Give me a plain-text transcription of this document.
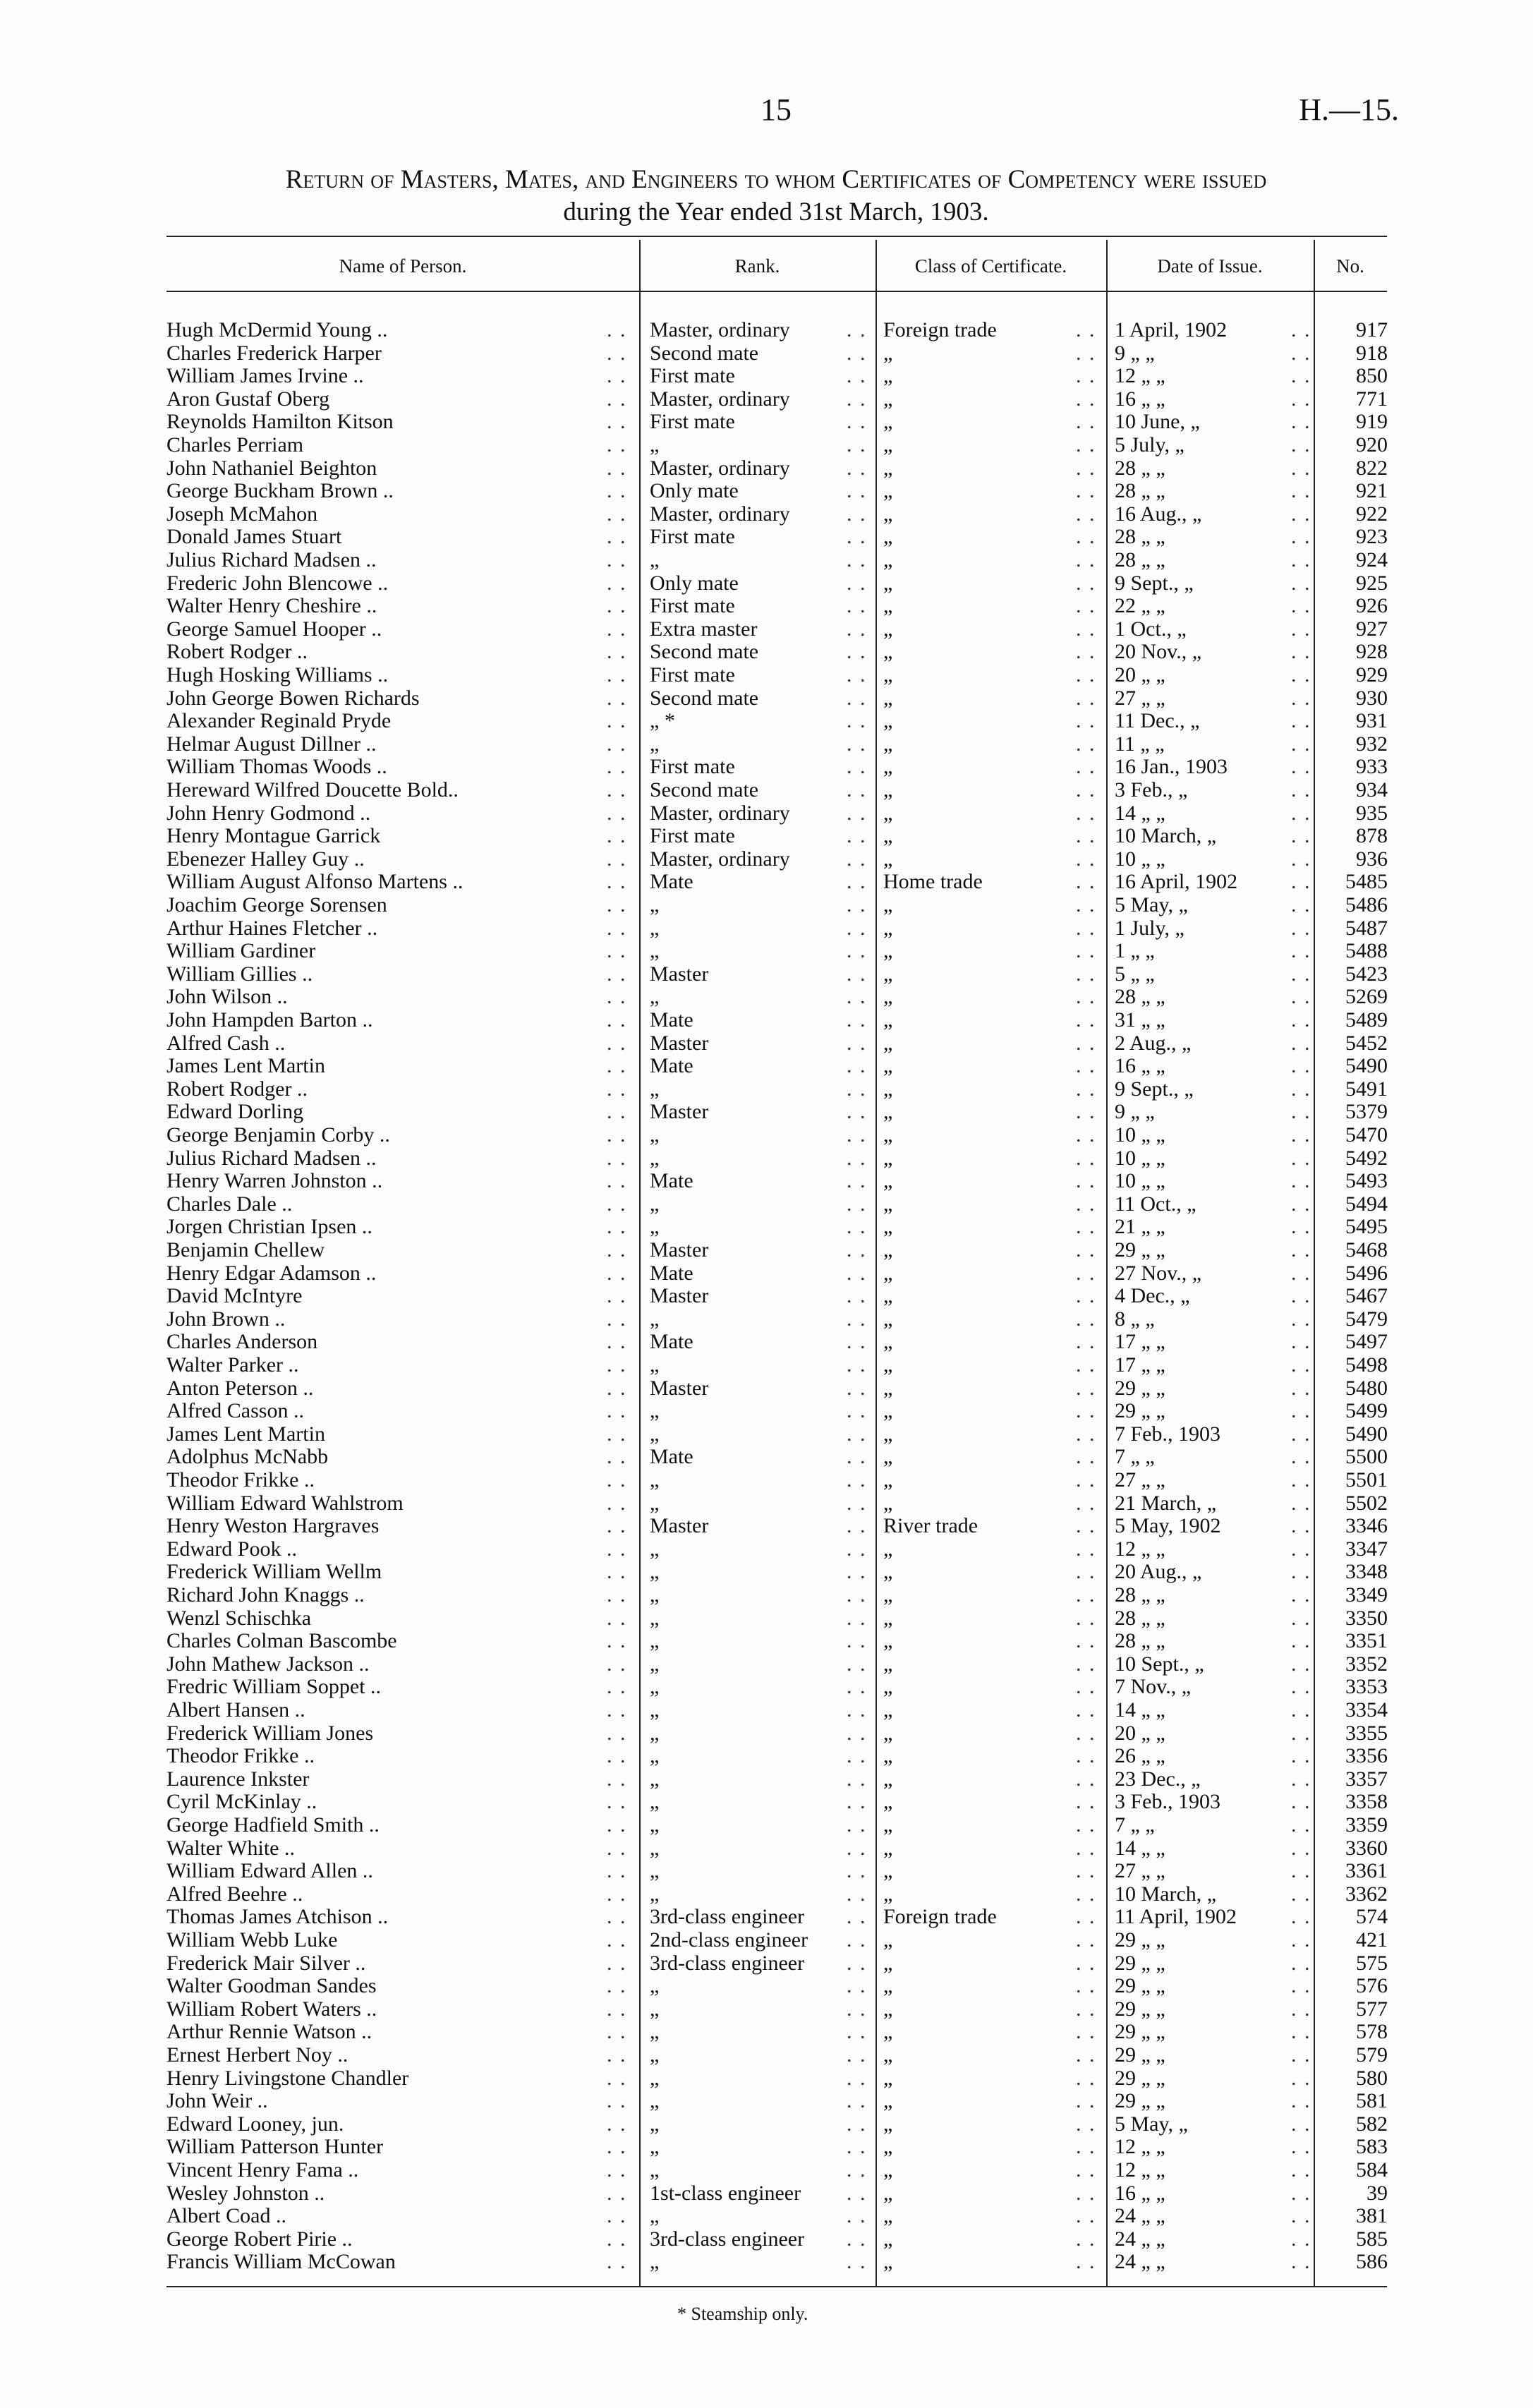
15	H.—15.
Return of Masters, Mates, and Engineers to whom Certificates of Competency were issued
during the Year ended 31st March, 1903.
Name of Person.	Rank.	Class of Certificate.	Date of Issue.	No.
Hugh McDermid Young ..	Master, ordinary	Foreign trade	1 April, 1902	917
. .	. .	. .	. .
Charles Frederick Harper	Second mate	„	9 „ „	918
. .	. .	. .	. .
William James Irvine ..	First mate	„	12 „ „	850
. .	. .	. .	. .
Aron Gustaf Oberg	Master, ordinary	„	16 „ „	771
. .	. .	. .	. .
Reynolds Hamilton Kitson	First mate	„	10 June, „	919
. .	. .	. .	. .
Charles Perriam	„	„	5 July, „	920
. .	. .	. .	. .
John Nathaniel Beighton	Master, ordinary	„	28 „ „	822
. .	. .	. .	. .
George Buckham Brown ..	Only mate	„	28 „ „	921
. .	. .	. .	. .
Joseph McMahon	Master, ordinary	„	16 Aug., „	922
. .	. .	. .	. .
Donald James Stuart	First mate	„	28 „ „	923
. .	. .	. .	. .
Julius Richard Madsen ..	„	„	28 „ „	924
. .	. .	. .	. .
Frederic John Blencowe ..	Only mate	„	9 Sept., „	925
. .	. .	. .	. .
Walter Henry Cheshire ..	First mate	„	22 „ „	926
. .	. .	. .	. .
George Samuel Hooper ..	Extra master	„	1 Oct., „	927
. .	. .	. .	. .
Robert Rodger ..	Second mate	„	20 Nov., „	928
. .	. .	. .	. .
Hugh Hosking Williams ..	First mate	„	20 „ „	929
. .	. .	. .	. .
John George Bowen Richards	Second mate	„	27 „ „	930
. .	. .	. .	. .
Alexander Reginald Pryde	„ *	„	11 Dec., „	931
. .	. .	. .	. .
Helmar August Dillner ..	„	„	11 „ „	932
. .	. .	. .	. .
William Thomas Woods ..	First mate	„	16 Jan., 1903	933
. .	. .	. .	. .
Hereward Wilfred Doucette Bold..	Second mate	„	3 Feb., „	934
. .	. .	. .	. .
John Henry Godmond ..	Master, ordinary	„	14 „ „	935
. .	. .	. .	. .
Henry Montague Garrick	First mate	„	10 March, „	878
. .	. .	. .	. .
Ebenezer Halley Guy ..	Master, ordinary	„	10 „ „	936
. .	. .	. .	. .
William August Alfonso Martens ..	Mate	Home trade	16 April, 1902	5485
. .	. .	. .	. .
Joachim George Sorensen	„	„	5 May, „	5486
. .	. .	. .	. .
Arthur Haines Fletcher ..	„	„	1 July, „	5487
. .	. .	. .	. .
William Gardiner	„	„	1 „ „	5488
. .	. .	. .	. .
William Gillies ..	Master	„	5 „ „	5423
. .	. .	. .	. .
John Wilson ..	„	„	28 „ „	5269
. .	. .	. .	. .
John Hampden Barton ..	Mate	„	31 „ „	5489
. .	. .	. .	. .
Alfred Cash ..	Master	„	2 Aug., „	5452
. .	. .	. .	. .
James Lent Martin	Mate	„	16 „ „	5490
. .	. .	. .	. .
Robert Rodger ..	„	„	9 Sept., „	5491
. .	. .	. .	. .
Edward Dorling	Master	„	9 „ „	5379
. .	. .	. .	. .
George Benjamin Corby ..	„	„	10 „ „	5470
. .	. .	. .	. .
Julius Richard Madsen ..	„	„	10 „ „	5492
. .	. .	. .	. .
Henry Warren Johnston ..	Mate	„	10 „ „	5493
. .	. .	. .	. .
Charles Dale ..	„	„	11 Oct., „	5494
. .	. .	. .	. .
Jorgen Christian Ipsen ..	„	„	21 „ „	5495
. .	. .	. .	. .
Benjamin Chellew	Master	„	29 „ „	5468
. .	. .	. .	. .
Henry Edgar Adamson ..	Mate	„	27 Nov., „	5496
. .	. .	. .	. .
David McIntyre	Master	„	4 Dec., „	5467
. .	. .	. .	. .
John Brown ..	„	„	8 „ „	5479
. .	. .	. .	. .
Charles Anderson	Mate	„	17 „ „	5497
. .	. .	. .	. .
Walter Parker ..	„	„	17 „ „	5498
. .	. .	. .	. .
Anton Peterson ..	Master	„	29 „ „	5480
. .	. .	. .	. .
Alfred Casson ..	„	„	29 „ „	5499
. .	. .	. .	. .
James Lent Martin	„	„	7 Feb., 1903	5490
. .	. .	. .	. .
Adolphus McNabb	Mate	„	7 „ „	5500
. .	. .	. .	. .
Theodor Frikke ..	„	„	27 „ „	5501
. .	. .	. .	. .
William Edward Wahlstrom	„	„	21 March, „	5502
. .	. .	. .	. .
Henry Weston Hargraves	Master	River trade	5 May, 1902	3346
. .	. .	. .	. .
Edward Pook ..	„	„	12 „ „	3347
. .	. .	. .	. .
Frederick William Wellm	„	„	20 Aug., „	3348
. .	. .	. .	. .
Richard John Knaggs ..	„	„	28 „ „	3349
. .	. .	. .	. .
Wenzl Schischka	„	„	28 „ „	3350
. .	. .	. .	. .
Charles Colman Bascombe	„	„	28 „ „	3351
. .	. .	. .	. .
John Mathew Jackson ..	„	„	10 Sept., „	3352
. .	. .	. .	. .
Fredric William Soppet ..	„	„	7 Nov., „	3353
. .	. .	. .	. .
Albert Hansen ..	„	„	14 „ „	3354
. .	. .	. .	. .
Frederick William Jones	„	„	20 „ „	3355
. .	. .	. .	. .
Theodor Frikke ..	„	„	26 „ „	3356
. .	. .	. .	. .
Laurence Inkster	„	„	23 Dec., „	3357
. .	. .	. .	. .
Cyril McKinlay ..	„	„	3 Feb., 1903	3358
. .	. .	. .	. .
George Hadfield Smith ..	„	„	7 „ „	3359
. .	. .	. .	. .
Walter White ..	„	„	14 „ „	3360
. .	. .	. .	. .
William Edward Allen ..	„	„	27 „ „	3361
. .	. .	. .	. .
Alfred Beehre ..	„	„	10 March, „	3362
. .	. .	. .	. .
Thomas James Atchison ..	3rd-class engineer	Foreign trade	11 April, 1902	574
. .	. .	. .	. .
William Webb Luke	2nd-class engineer	„	29 „ „	421
. .	. .	. .	. .
Frederick Mair Silver ..	3rd-class engineer	„	29 „ „	575
. .	. .	. .	. .
Walter Goodman Sandes	„	„	29 „ „	576
. .	. .	. .	. .
William Robert Waters ..	„	„	29 „ „	577
. .	. .	. .	. .
Arthur Rennie Watson ..	„	„	29 „ „	578
. .	. .	. .	. .
Ernest Herbert Noy ..	„	„	29 „ „	579
. .	. .	. .	. .
Henry Livingstone Chandler	„	„	29 „ „	580
. .	. .	. .	. .
John Weir ..	„	„	29 „ „	581
. .	. .	. .	. .
Edward Looney, jun.	„	„	5 May, „	582
. .	. .	. .	. .
William Patterson Hunter	„	„	12 „ „	583
. .	. .	. .	. .
Vincent Henry Fama ..	„	„	12 „ „	584
. .	. .	. .	. .
Wesley Johnston ..	1st-class engineer	„	16 „ „	39
. .	. .	. .	. .
Albert Coad ..	„	„	24 „ „	381
. .	. .	. .	. .
George Robert Pirie ..	3rd-class engineer	„	24 „ „	585
. .	. .	. .	. .
Francis William McCowan	„	„	24 „ „	586
. .	. .	. .	. .
* Steamship only.
